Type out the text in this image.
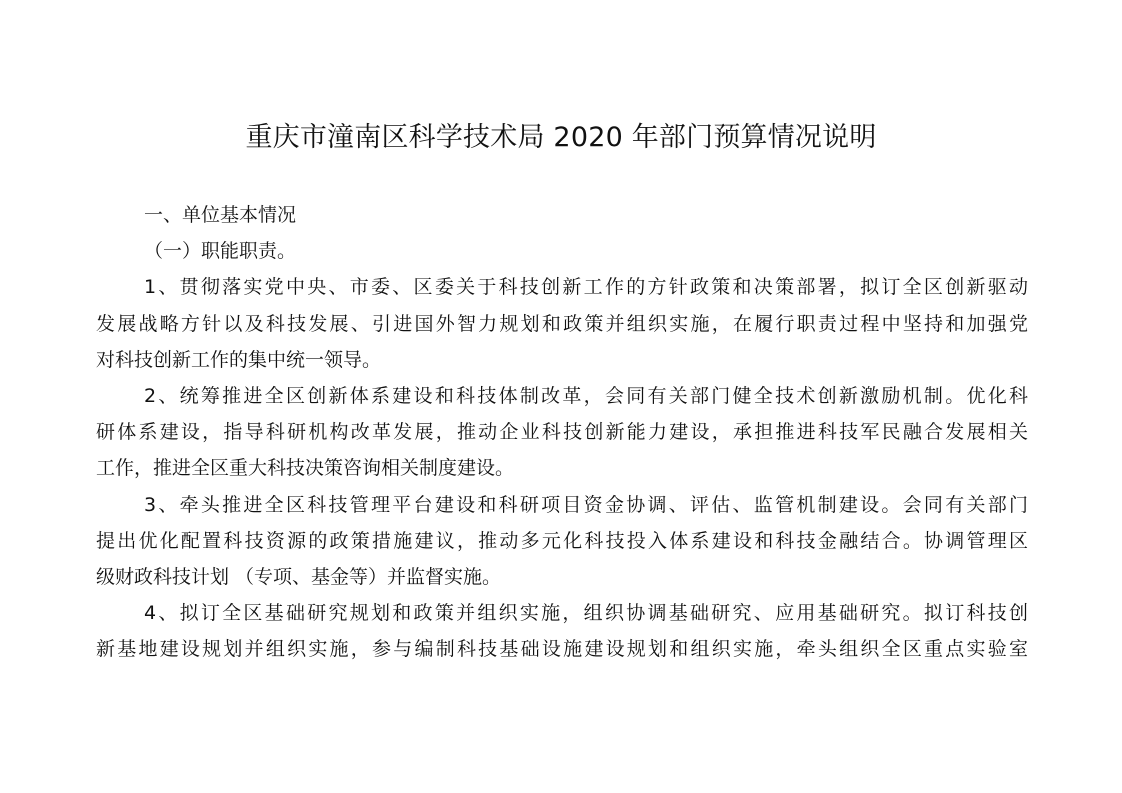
重庆市潼南区科学技术局 2020 年部门预算情况说明
一、单位基本情况
（一）职能职责。
1、贯彻落实党中央、市委、区委关于科技创新工作的方针政策和决策部署，拟订全区创新驱动
发展战略方针以及科技发展、引进国外智力规划和政策并组织实施，在履行职责过程中坚持和加强党
对科技创新工作的集中统一领导。
2、统筹推进全区创新体系建设和科技体制改革，会同有关部门健全技术创新激励机制。优化科
研体系建设，指导科研机构改革发展，推动企业科技创新能力建设，承担推进科技军民融合发展相关
工作，推进全区重大科技决策咨询相关制度建设。
3、牵头推进全区科技管理平台建设和科研项目资金协调、评估、监管机制建设。会同有关部门
提出优化配置科技资源的政策措施建议，推动多元化科技投入体系建设和科技金融结合。协调管理区
级财政科技计划 （专项、基金等）并监督实施。
4、拟订全区基础研究规划和政策并组织实施，组织协调基础研究、应用基础研究。拟订科技创
新基地建设规划并组织实施，参与编制科技基础设施建设规划和组织实施，牵头组织全区重点实验室
